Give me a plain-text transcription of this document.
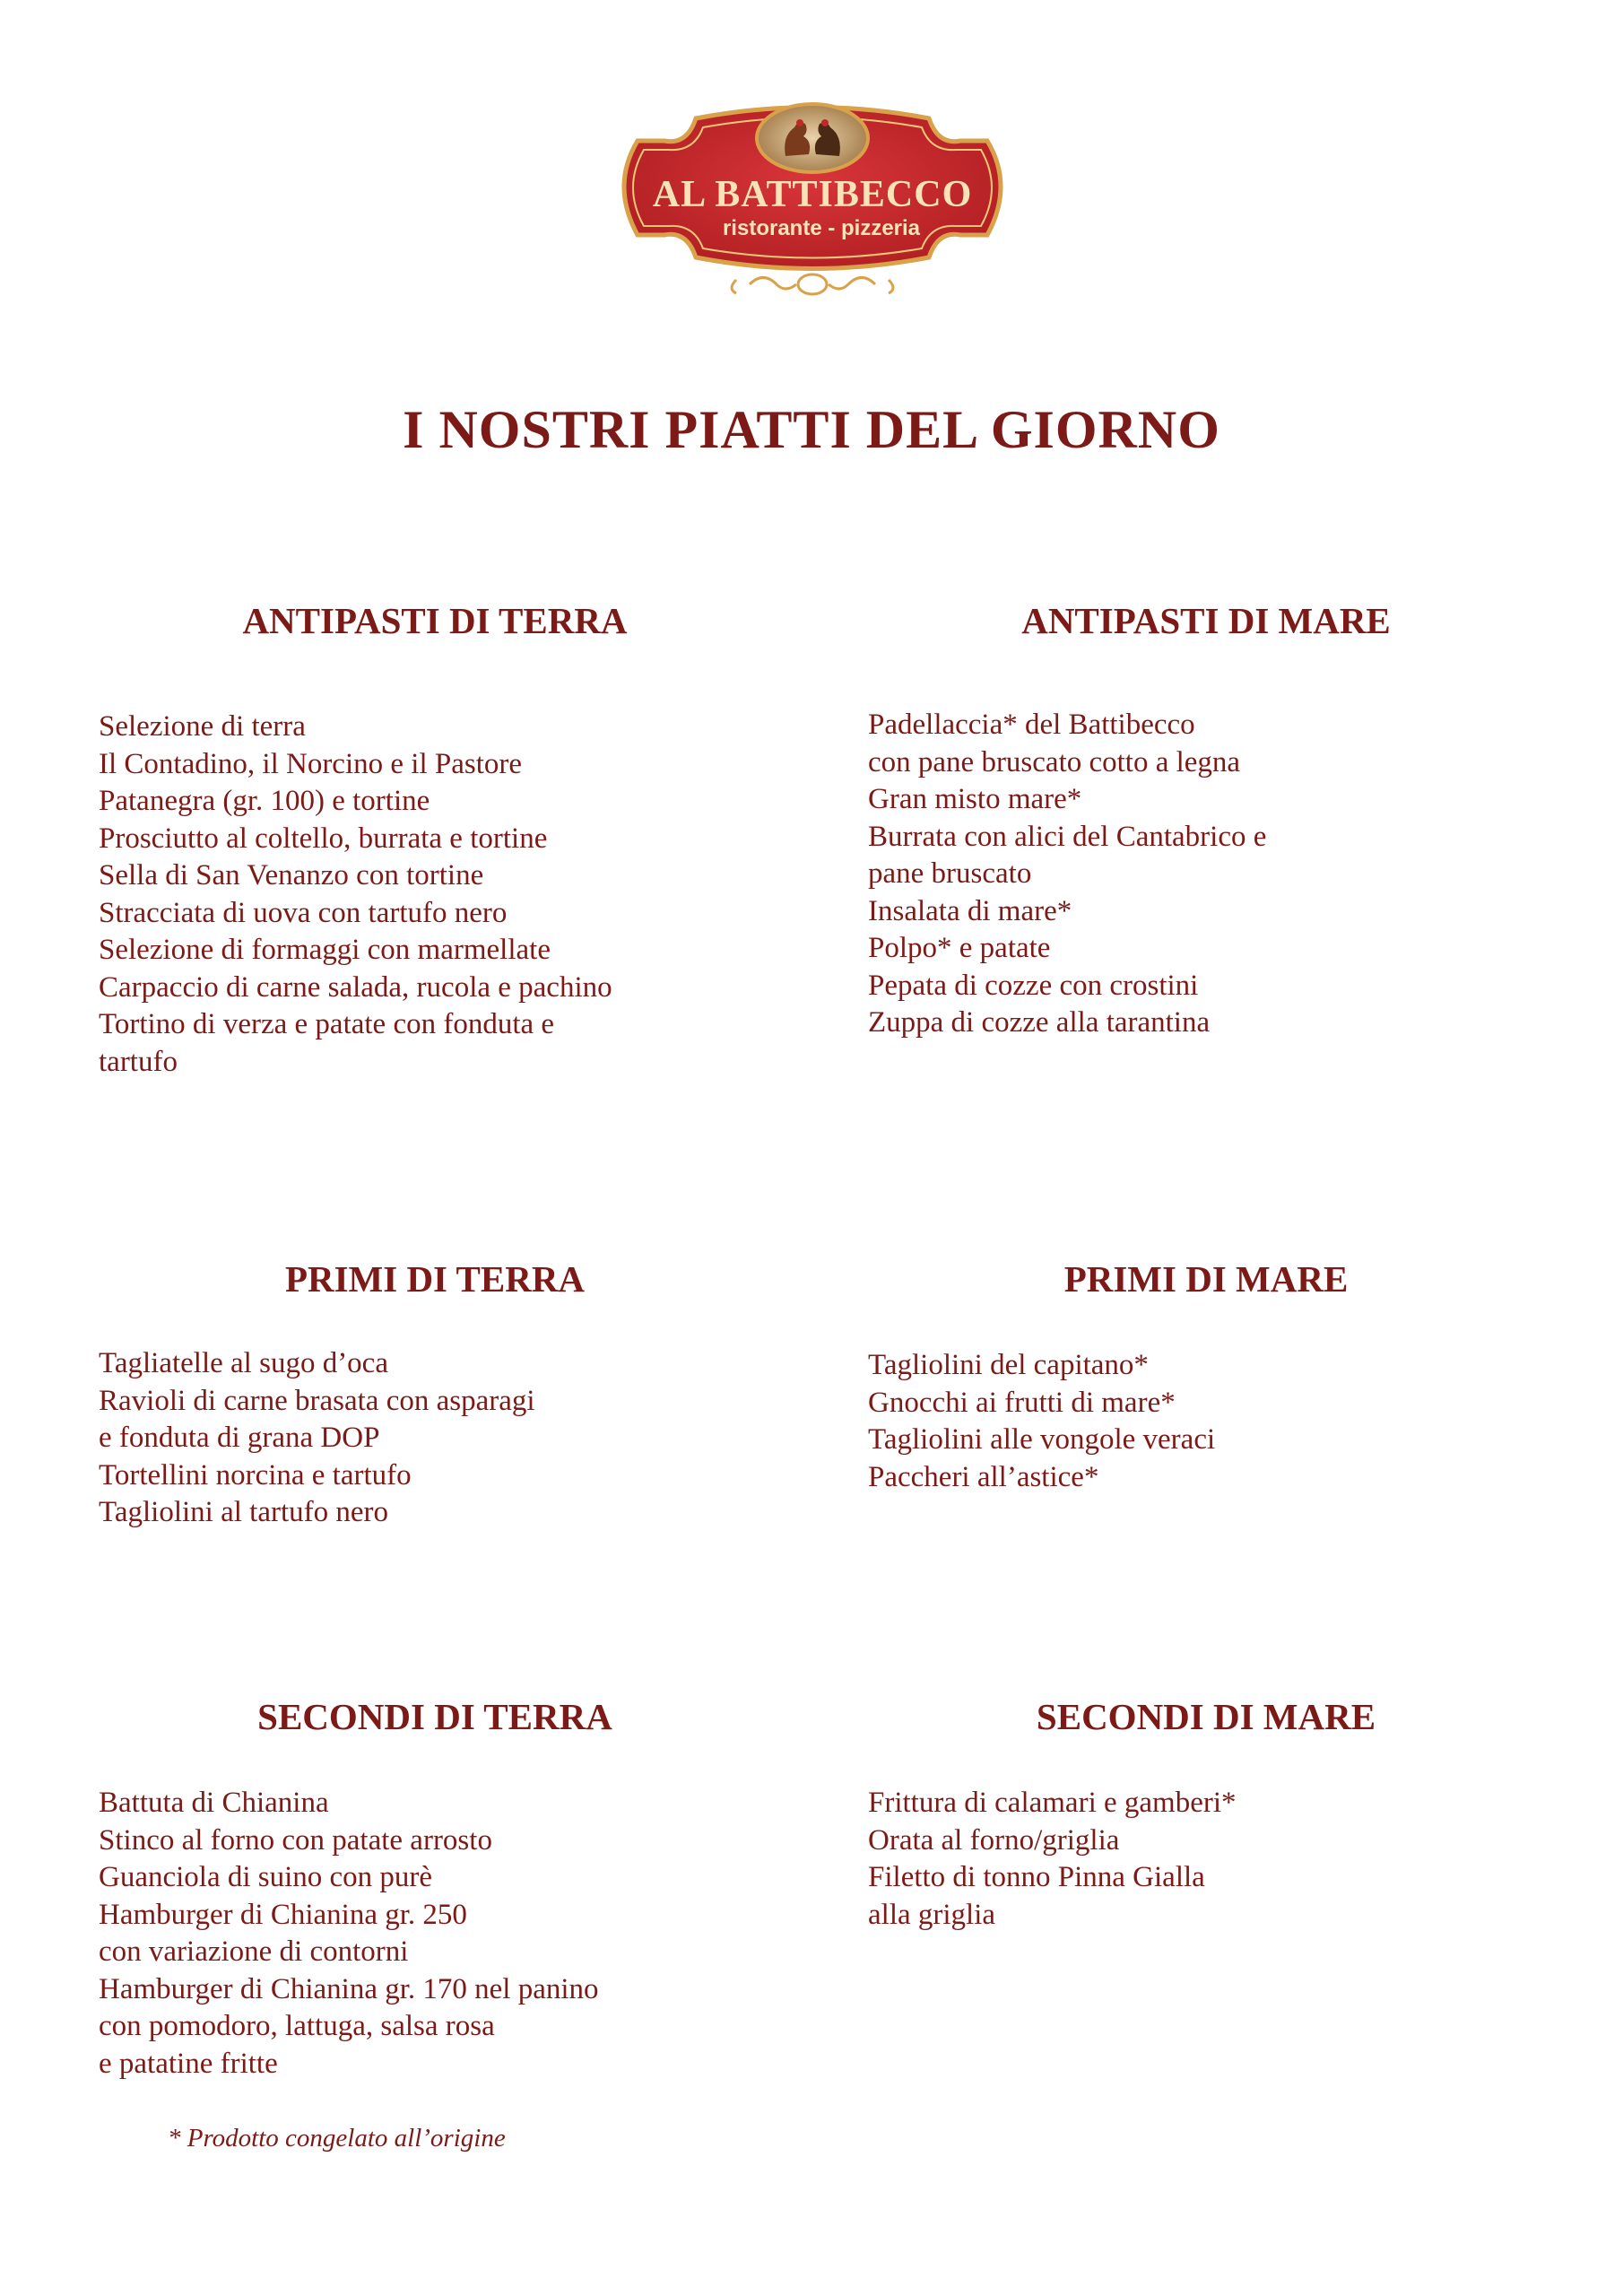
AL BATTIBECCO
ristorante - pizzeria
I NOSTRI PIATTI DEL GIORNO
ANTIPASTI DI TERRA	ANTIPASTI DI MARE
Selezione di terra
Il Contadino, il Norcino e il Pastore
Patanegra (gr. 100) e tortine
Prosciutto al coltello, burrata e tortine
Sella di San Venanzo con tortine
Stracciata di uova con tartufo nero
Selezione di formaggi con marmellate
Carpaccio di carne salada, rucola e pachino
Tortino di verza e patate con fonduta e
tartufo
Padellaccia* del Battibecco
con pane bruscato cotto a legna
Gran misto mare*
Burrata con alici del Cantabrico e
pane bruscato
Insalata di mare*
Polpo* e patate
Pepata di cozze con crostini
Zuppa di cozze alla tarantina
PRIMI DI TERRA	PRIMI DI MARE
Tagliatelle al sugo d’oca
Ravioli di carne brasata con asparagi
e fonduta di grana DOP
Tortellini norcina e tartufo
Tagliolini al tartufo nero
Tagliolini del capitano*
Gnocchi ai frutti di mare*
Tagliolini alle vongole veraci
Paccheri all’astice*
SECONDI DI TERRA	SECONDI DI MARE
Battuta di Chianina
Stinco al forno con patate arrosto
Guanciola di suino con purè
Hamburger di Chianina gr. 250
con variazione di contorni
Hamburger di Chianina gr. 170 nel panino
con pomodoro, lattuga, salsa rosa
e patatine fritte
Frittura di calamari e gamberi*
Orata al forno/griglia
Filetto di tonno Pinna Gialla
alla griglia
* Prodotto congelato all’origine
